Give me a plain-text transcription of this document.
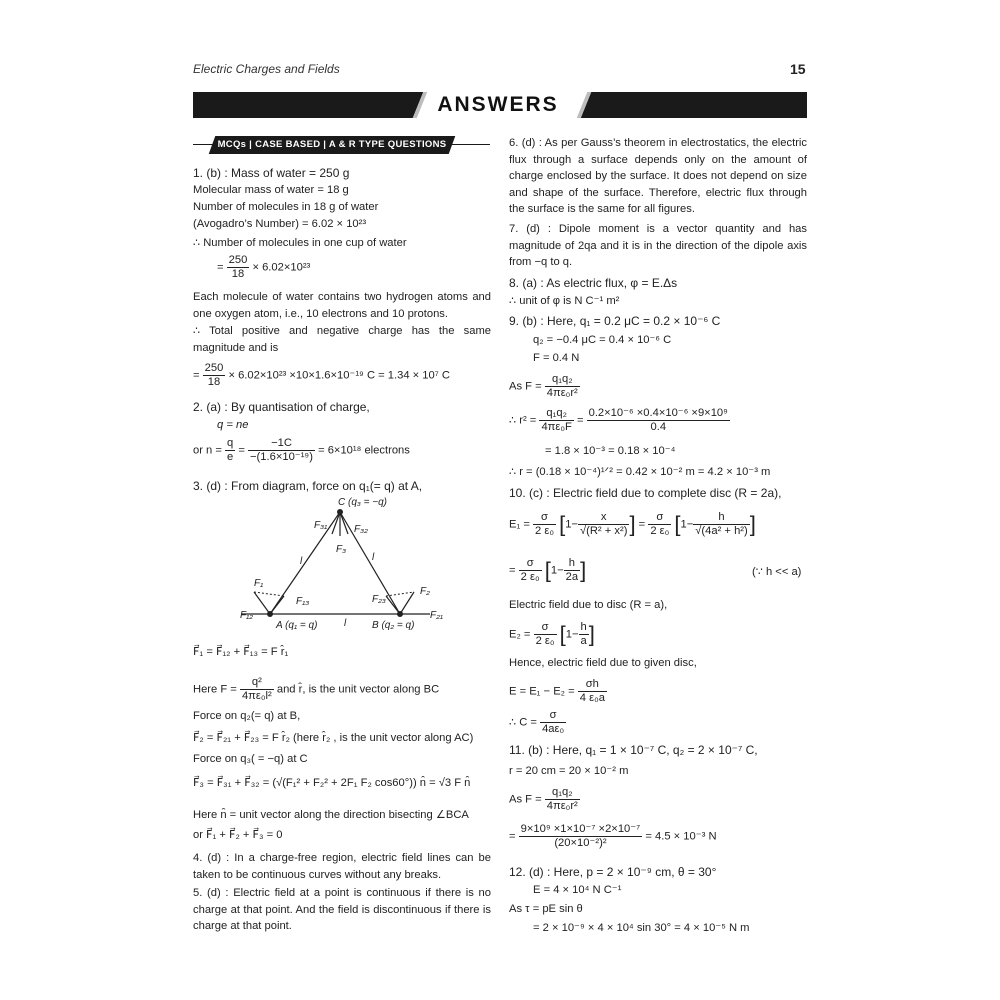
Electric Charges and Fields	15
ANSWERS
MCQs | CASE BASED | A & R TYPE QUESTIONS
1. (b) : Mass of water = 250 g
Molecular mass of water = 18 g
Number of molecules in 18 g of water
(Avogadro’s Number) = 6.02 × 10²³
∴ Number of molecules in one cup of water
= $\frac{250}{18} \times 6.02\times 10^{23}$
Each molecule of water contains two hydrogen atoms and one oxygen atom, i.e., 10 electrons and 10 protons.
∴ Total positive and negative charge has the same magnitude and is
= $\frac{250}{18} \times 6.02\times 10^{23} \times 10\times 1.6\times 10^{-19}$ C = 1.34 × 10⁷ C
2. (a) : By quantisation of charge,
q = ne
or $n = \frac{q}{e} = \frac{-1C}{\text{−(1.6×10⁻¹⁹)}} = 6\times 10^{18}$ electrons
3. (d) : From diagram, force on q₁(= q) at A,
C (q₃ = −q)
F₃₁	F₃₂
F₃
l	l
l
F₁
F₁₃
F₁₂
F₂₃
F₂
F₂₁
A (q₁ = q)	B (q₂ = q)
F⃗₁ = F⃗₁₂ + F⃗₁₃ = F r̂₁
Here $F = \frac{\text{q²}}{\text{4πε₀l²}}$ and r̂, is the unit vector along BC
Force on q₂(= q) at B,
F⃗₂ = F⃗₂₁ + F⃗₂₃ = F r̂₂ (here r̂₂ , is the unit vector along AC)
Force on q₃( = −q) at C
F⃗₃ = F⃗₃₁ + F⃗₃₂ = (√(F₁² + F₂² + 2F₁ F₂ cos60°)) n̂ = √3 F n̂
Here n̂ = unit vector along the direction bisecting ∠BCA
or F⃗₁ + F⃗₂ + F⃗₃ = 0
4. (d) : In a charge-free region, electric field lines can be taken to be continuous curves without any breaks.
5. (d) : Electric field at a point is continuous if there is no charge at that point. And the field is discontinuous if there is charge at that point.
6. (d) : As per Gauss’s theorem in electrostatics, the electric flux through a surface depends only on the amount of charge enclosed by the surface. It does not depend on size and shape of the surface. Therefore, electric flux through the surface is the same for all figures.
7. (d) : Dipole moment is a vector quantity and has magnitude of 2qa and it is in the direction of the dipole axis from −q to q.
8. (a) : As electric flux, φ = E.Δs
∴ unit of φ is N C⁻¹ m²
9. (b) : Here, q₁ = 0.2 μC = 0.2 × 10⁻⁶ C
q₂ = −0.4 μC = 0.4 × 10⁻⁶ C
F = 0.4 N
As $F = \frac{\text{q₁q₂}}{\text{4πε₀r²}}$
∴ $r^2 = \frac{\text{q₁q₂}}{\text{4πε₀F}} = \frac{\text{0.2×10⁻⁶ ×0.4×10⁻⁶ ×9×10⁹}}{0.4}$
= 1.8 × 10⁻³ = 0.18 × 10⁻⁴
∴ r = (0.18 × 10⁻⁴)¹ᐟ² = 0.42 × 10⁻² m = 4.2 × 10⁻³ m
10. (c) : Electric field due to complete disc (R = 2a),
$E_1 = \frac{\sigma}{\text{2 ε₀}} [1- \frac{x}{\text{√(R² + x²)}}$ ] = $\frac{\sigma}{\text{2 ε₀}} [1- \frac{h}{\text{√(4a² + h²)}}$ ]
= $\frac{\sigma}{\text{2 ε₀}} [1- \frac{h}{2a}$ ]	(∵ h << a)
Electric field due to disc (R = a),
$E_2 = \frac{\sigma}{\text{2 ε₀}} [1- \frac{h}{a}$ ]
Hence, electric field due to given disc,
$E = E_1 - E_2 = \frac{\sigma h}{\text{4 ε₀a}}$
∴ $C = \frac{\sigma}{\text{4aε₀}}$
11. (b) : Here, q₁ = 1 × 10⁻⁷ C, q₂ = 2 × 10⁻⁷ C,
r = 20 cm = 20 × 10⁻² m
As $F = \frac{\text{q₁q₂}}{\text{4πε₀r²}}$
= $\frac{\text{9×10⁹ ×1×10⁻⁷ ×2×10⁻⁷}}{\text{(20×10⁻²)²}} = 4.5 \times 10^{-3}$ N
12. (d) : Here, p = 2 × 10⁻⁹ cm, θ = 30°
E = 4 × 10⁴ N C⁻¹
As τ = pE sin θ
= 2 × 10⁻⁹ × 4 × 10⁴ sin 30° = 4 × 10⁻⁵ N m
